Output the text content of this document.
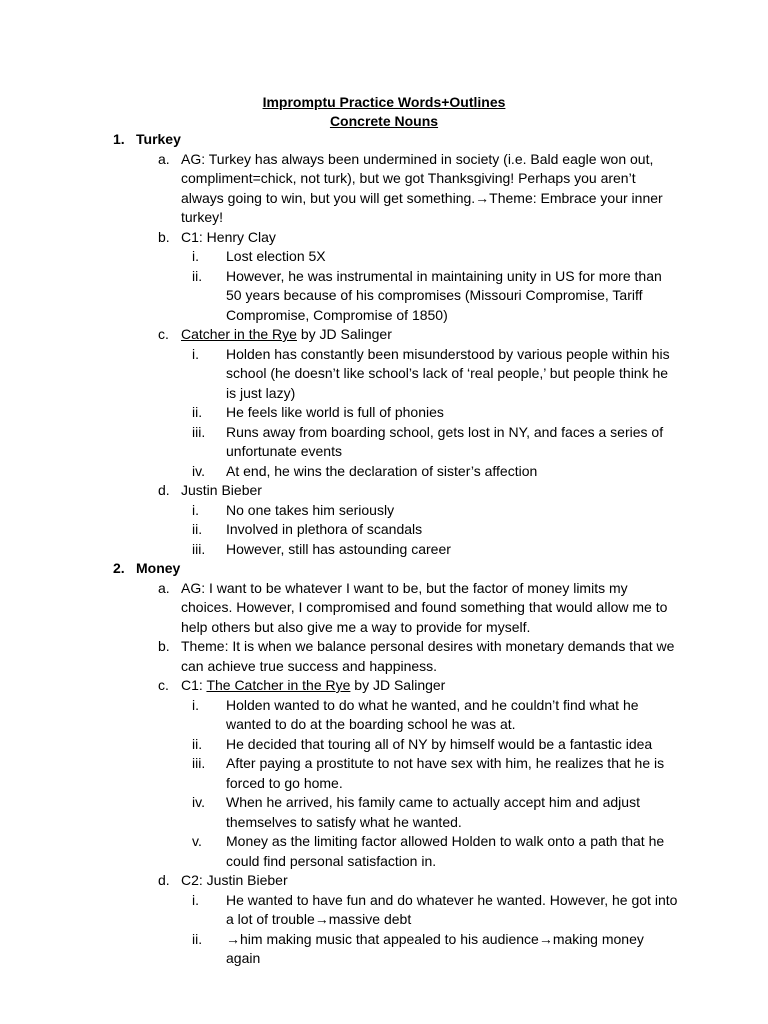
Impromptu Practice Words+Outlines
Concrete Nouns
1. Turkey
a. AG: Turkey has always been undermined in society (i.e. Bald eagle won out, compliment=chick, not turk), but we got Thanksgiving! Perhaps you aren’t always going to win, but you will get something.→Theme: Embrace your inner turkey!
b. C1: Henry Clay
i. Lost election 5X
ii. However, he was instrumental in maintaining unity in US for more than 50 years because of his compromises (Missouri Compromise, Tariff Compromise, Compromise of 1850)
c. Catcher in the Rye by JD Salinger
i. Holden has constantly been misunderstood by various people within his school (he doesn’t like school’s lack of ‘real people,’ but people think he is just lazy)
ii. He feels like world is full of phonies
iii. Runs away from boarding school, gets lost in NY, and faces a series of unfortunate events
iv. At end, he wins the declaration of sister’s affection
d. Justin Bieber
i. No one takes him seriously
ii. Involved in plethora of scandals
iii. However, still has astounding career
2. Money
a. AG: I want to be whatever I want to be, but the factor of money limits my choices. However, I compromised and found something that would allow me to help others but also give me a way to provide for myself.
b. Theme: It is when we balance personal desires with monetary demands that we can achieve true success and happiness.
c. C1: The Catcher in the Rye by JD Salinger
i. Holden wanted to do what he wanted, and he couldn’t find what he wanted to do at the boarding school he was at.
ii. He decided that touring all of NY by himself would be a fantastic idea
iii. After paying a prostitute to not have sex with him, he realizes that he is forced to go home.
iv. When he arrived, his family came to actually accept him and adjust themselves to satisfy what he wanted.
v. Money as the limiting factor allowed Holden to walk onto a path that he could find personal satisfaction in.
d. C2: Justin Bieber
i. He wanted to have fun and do whatever he wanted. However, he got into a lot of trouble→massive debt
ii. →him making music that appealed to his audience→making money again
